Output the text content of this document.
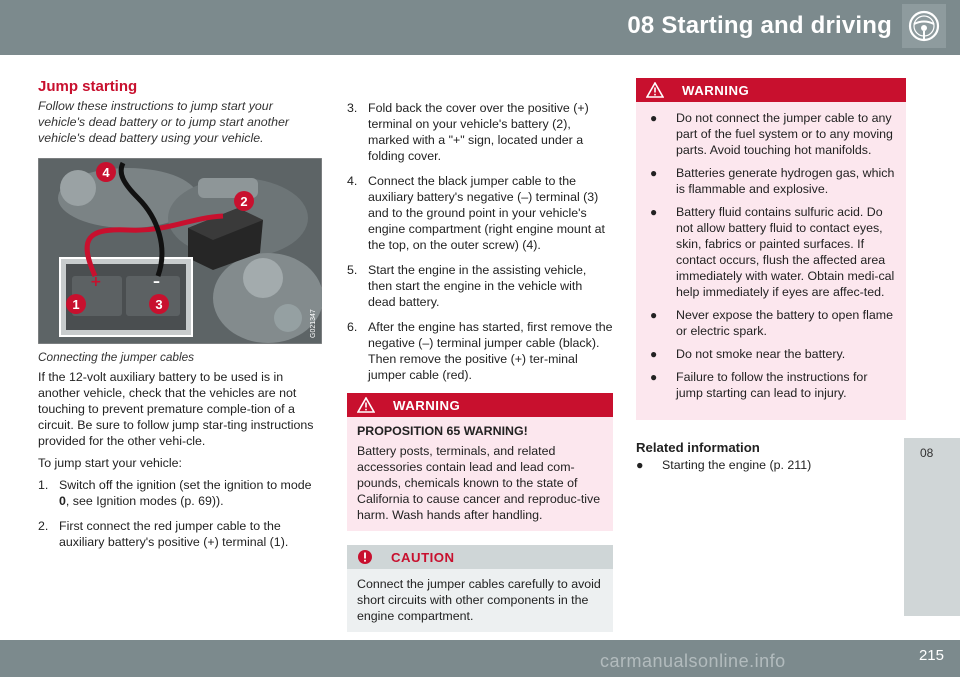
08 Starting and driving
08
Jump starting

Follow these instructions to jump start your vehicle's dead battery or to jump start another vehicle's dead battery using your vehicle.

+	–
4
2
1	3
G021347
Connecting the jumper cables

If the 12-volt auxiliary battery to be used is in another vehicle, check that the vehicles are not touching to prevent premature comple-tion of a circuit. Be sure to follow jump star-ting instructions provided for the other vehi-cle.

To jump start your vehicle:

1. Switch off the ignition (set the ignition to mode 0, see Ignition modes (p. 69)).
2. First connect the red jumper cable to the auxiliary battery's positive (+) terminal (1).
3. Fold back the cover over the positive (+) terminal on your vehicle's battery (2), marked with a "+" sign, located under a folding cover.
4. Connect the black jumper cable to the auxiliary battery's negative (–) terminal (3) and to the ground point in your vehicle's engine compartment (right engine mount at the top, on the outer screw) (4).
5. Start the engine in the assisting vehicle, then start the engine in the vehicle with dead battery.
6. After the engine has started, first remove the negative (–) terminal jumper cable (black). Then remove the positive (+) ter-minal jumper cable (red).
WARNING

PROPOSITION 65 WARNING!

Battery posts, terminals, and related accessories contain lead and lead com-pounds, chemicals known to the state of California to cause cancer and reproduc-tive harm. Wash hands after handling.

CAUTION

Connect the jumper cables carefully to avoid short circuits with other components in the engine compartment.

WARNING
● Do not connect the jumper cable to any part of the fuel system or to any moving parts. Avoid touching hot manifolds.
● Batteries generate hydrogen gas, which is flammable and explosive.
● Battery fluid contains sulfuric acid. Do not allow battery fluid to contact eyes, skin, fabrics or painted surfaces. If contact occurs, flush the affected area immediately with water. Obtain medi-cal help immediately if eyes are affec-ted.
● Never expose the battery to open flame or electric spark.
● Do not smoke near the battery.
● Failure to follow the instructions for jump starting can lead to injury.
Related information
● Starting the engine (p. 211)
carmanualsonline.info	215
